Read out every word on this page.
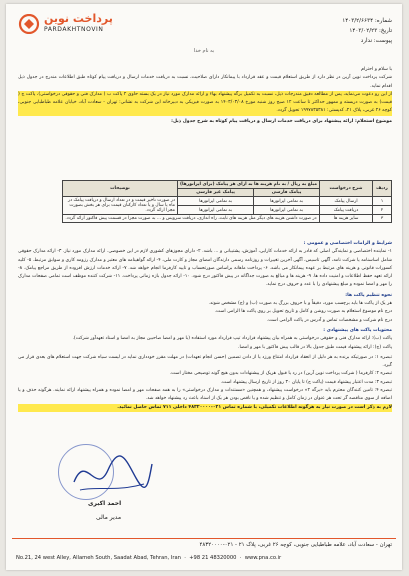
پرداخت نوین
PARDAKHTNOVIN
شماره: ۱۴۰۳/۲/۶۶۳۴
تاریخ: ۱۴۰۳/۰۲/۲۳
پیوست: ندارد
به نام خدا
با سلام و احترام
شرکت پرداخت نوین آرین در نظر دارد از طریق استعلام قیمت و عقد قرارداد با پیمانکار دارای صلاحیت، نسبت به دریافت خدمات ارسال و دریافت پیام کوتاه طبق اطلاعات مندرج در جدول ذیل اقدام نماید.
از این رو دعوت می‌نماید، پس از مطالعه دقیق مندرجات ذیل، نسبت به تکمیل برگه پیشنهاد بهاء و ارائه مدارک مورد نیاز در یک بسته حاوی ۲ پاکت ب ( مدارک فنی و حقوقی درخواستی)، پاکت ج ( قیمت) به صورت دربسته و ممهور حداکثر تا ساعت ۱۲ صبح روز شنبه مورخ ۱۴۰۳/۰۳/۰۸ به صورت فیزیکی به دبیرخانه این شرکت به نشانی: تهران - سعادت آباد، خیابان علامه طباطبایی جنوبی، کوچه ۲۶ غربی، پلاک ۲۱، کدپستی: ۱۹۹۷۸۳۵۳۸۱ تحویل گردد.
موضوع استعلام: ارائه پیشنهاد برای دریافت خدمات ارسال و دریافت پیام کوتاه به شرح جدول ذیل:
ردیف	شرح درخواست	مبلغ به ریال / به نام هزینه ها به ازای هر پیامک (برای اپراتورها)		توضیحات
		پیامک فارسی	پیامک غیر فارسی	
۱	ارسال پیامک	به تمامی اپراتورها	به تمامی اپراتورها	در صورت تاخیر قیمت و در تعداد ارسال و دریافت پیامک در ماه یا سال و یا تعداد کارکنان قیمت برای هر بخش بصورت مجزا ارائه گردد.
۲	دریافت پیامک	به تمامی اپراتورها	به تمامی اپراتورها	
۳	سایر هزینه ها	در صورت داشتن هزینه های دیگر مثل هزینه های ثابت، راه اندازی، دریافت سرویس و ... به صورت مجزا در قسمت پیش فاکتور ارائه گردد.		
شرایط و الزامات اختصاصی و عمومی :
۱- نماینده اختصاصی و نمایندگی اصلی که قادر به ارائه خدمات کارایی، آموزش، پشتیبانی و ... باشد. ۲- دارای مجوزهای کشوری لازم در این خصوصی. ارائه مدارک مورد نیاز. ۳- ارائه مدارک حقوقی شامل اساسنامه یا شرکت نامه، آگهی تاسیس، آگهی آخرین تغییرات و روزنامه رسمی دارندگان امضای مجاز و کارت ملی، ۴- ارائه گواهینامه های معتبر و مدارک رزومه کاری و سوابق مرتبط. ۵- کلیه کسورات قانونی و هزینه های مرتبط بر عهده پیمانکار می باشد. ۶- پرداخت ماهانه براساس صورتحساب و تایید کارفرما انجام خواهد شد. ۷- ارائه خدمات ارزش افزوده از طریق مراجع پیامک. ۸- ارائه تعهد حفظ اطلاعات و امنیت داده ها. ۹- هزینه ها و مبالغ به صورت جداگانه در پیش فاکتور درج شود. ۱۰- ارائه جدول بازه زمانی پرداخت. ۱۱- شرکت کننده موظف است تمامی صفحات مدارک را مهر و امضا نموده و مبلغ پیشنهادی را با عدد و حروف درج نماید.
نحوه تنظیم پاکت ها:
هر یک از پاکت ها باید برچسب مورد، دقیقاً و با حروف بزرگ به صورت (ب) و (ج) مشخص شوند.
درج نام موضوع استعلام به صورت روشن و کامل و تاریخ تحویل بر روی پاکت ها الزامی است.
درج نام شرکت و مشخصات تماس و آدرس در پاکت الزامی است.
محتویات پاکت های پیشنهادی :
پاکت (ب): ارائه مدارک فنی و حقوقی درخواستی به همراه بیان پیشنهاد قرارداد تیپ قرارداد مورد استفاده (با مهر و امضا صاحبین مجاز به امضا و اسناد تعهدآور شرکت).
پاکت (ج): ارائه پیشنهاد قیمت طبق جدول بالا در قالب پیش فاکتور با مهر و امضا.
تبصره ۱: در صورتیکه برنده به هر دلیل از انعقاد قرارداد امتناع ورزد یا از دادن تضمین (حسن انجام تعهدات) در مهلت مقرر خودداری نماید در لیست سیاه شرکت جهت استعلام های بعدی قرار می گیرد.
تبصره ۲: کارفرما ( شرکت پرداخت نوین آرین) در رد یا قبول هریک از پیشنهادات بدون هیچ گونه توضیحی مختار است.
تبصره ۳: مدت اعتبار پیشنهاد قیمت (پاکت ج) تا پایان ۳۰ روز از تاریخ ارسال پیشنهاد است.
تبصره ۴: تامین کنندگان محترم باید «برگه ۲» درخواست پیشنهاد، و همچنین «مستندات و مدارک درخواستی» را به همه صفحات مهر و امضا نموده و همراه پیشنهاد ارائه نمایند. هرگونه حذف و یا اضافه از سوی مناقصه گر تحت هر عنوان در زمان کامل و تنظیم شده و یا ناقص بودن هر یک از اسناد باعث رد پیشنهاد خواهد شد.
لازم به ذکر است در صورت نیاز به هرگونه اطلاعات تکمیلی، با شماره تماس ۰۲۱-۴۸۳۲۰۰۰۰ داخلی ۷۱۱ تماس حاصل نمائید.
احمد اکبری
مدیر مالی
تهران - سعادت آباد، علامه طباطبایی جنوبی، کوچه ۲۶ غربی، پلاک ۲۱ - ۰۲۱-۴۸۳۲۰۰۰۰
No.21, 24 west Alley, Allameh South, Saadat Abad, Tehran, Iran  ·  +98 21 48320000  ·  www.pna.co.ir
